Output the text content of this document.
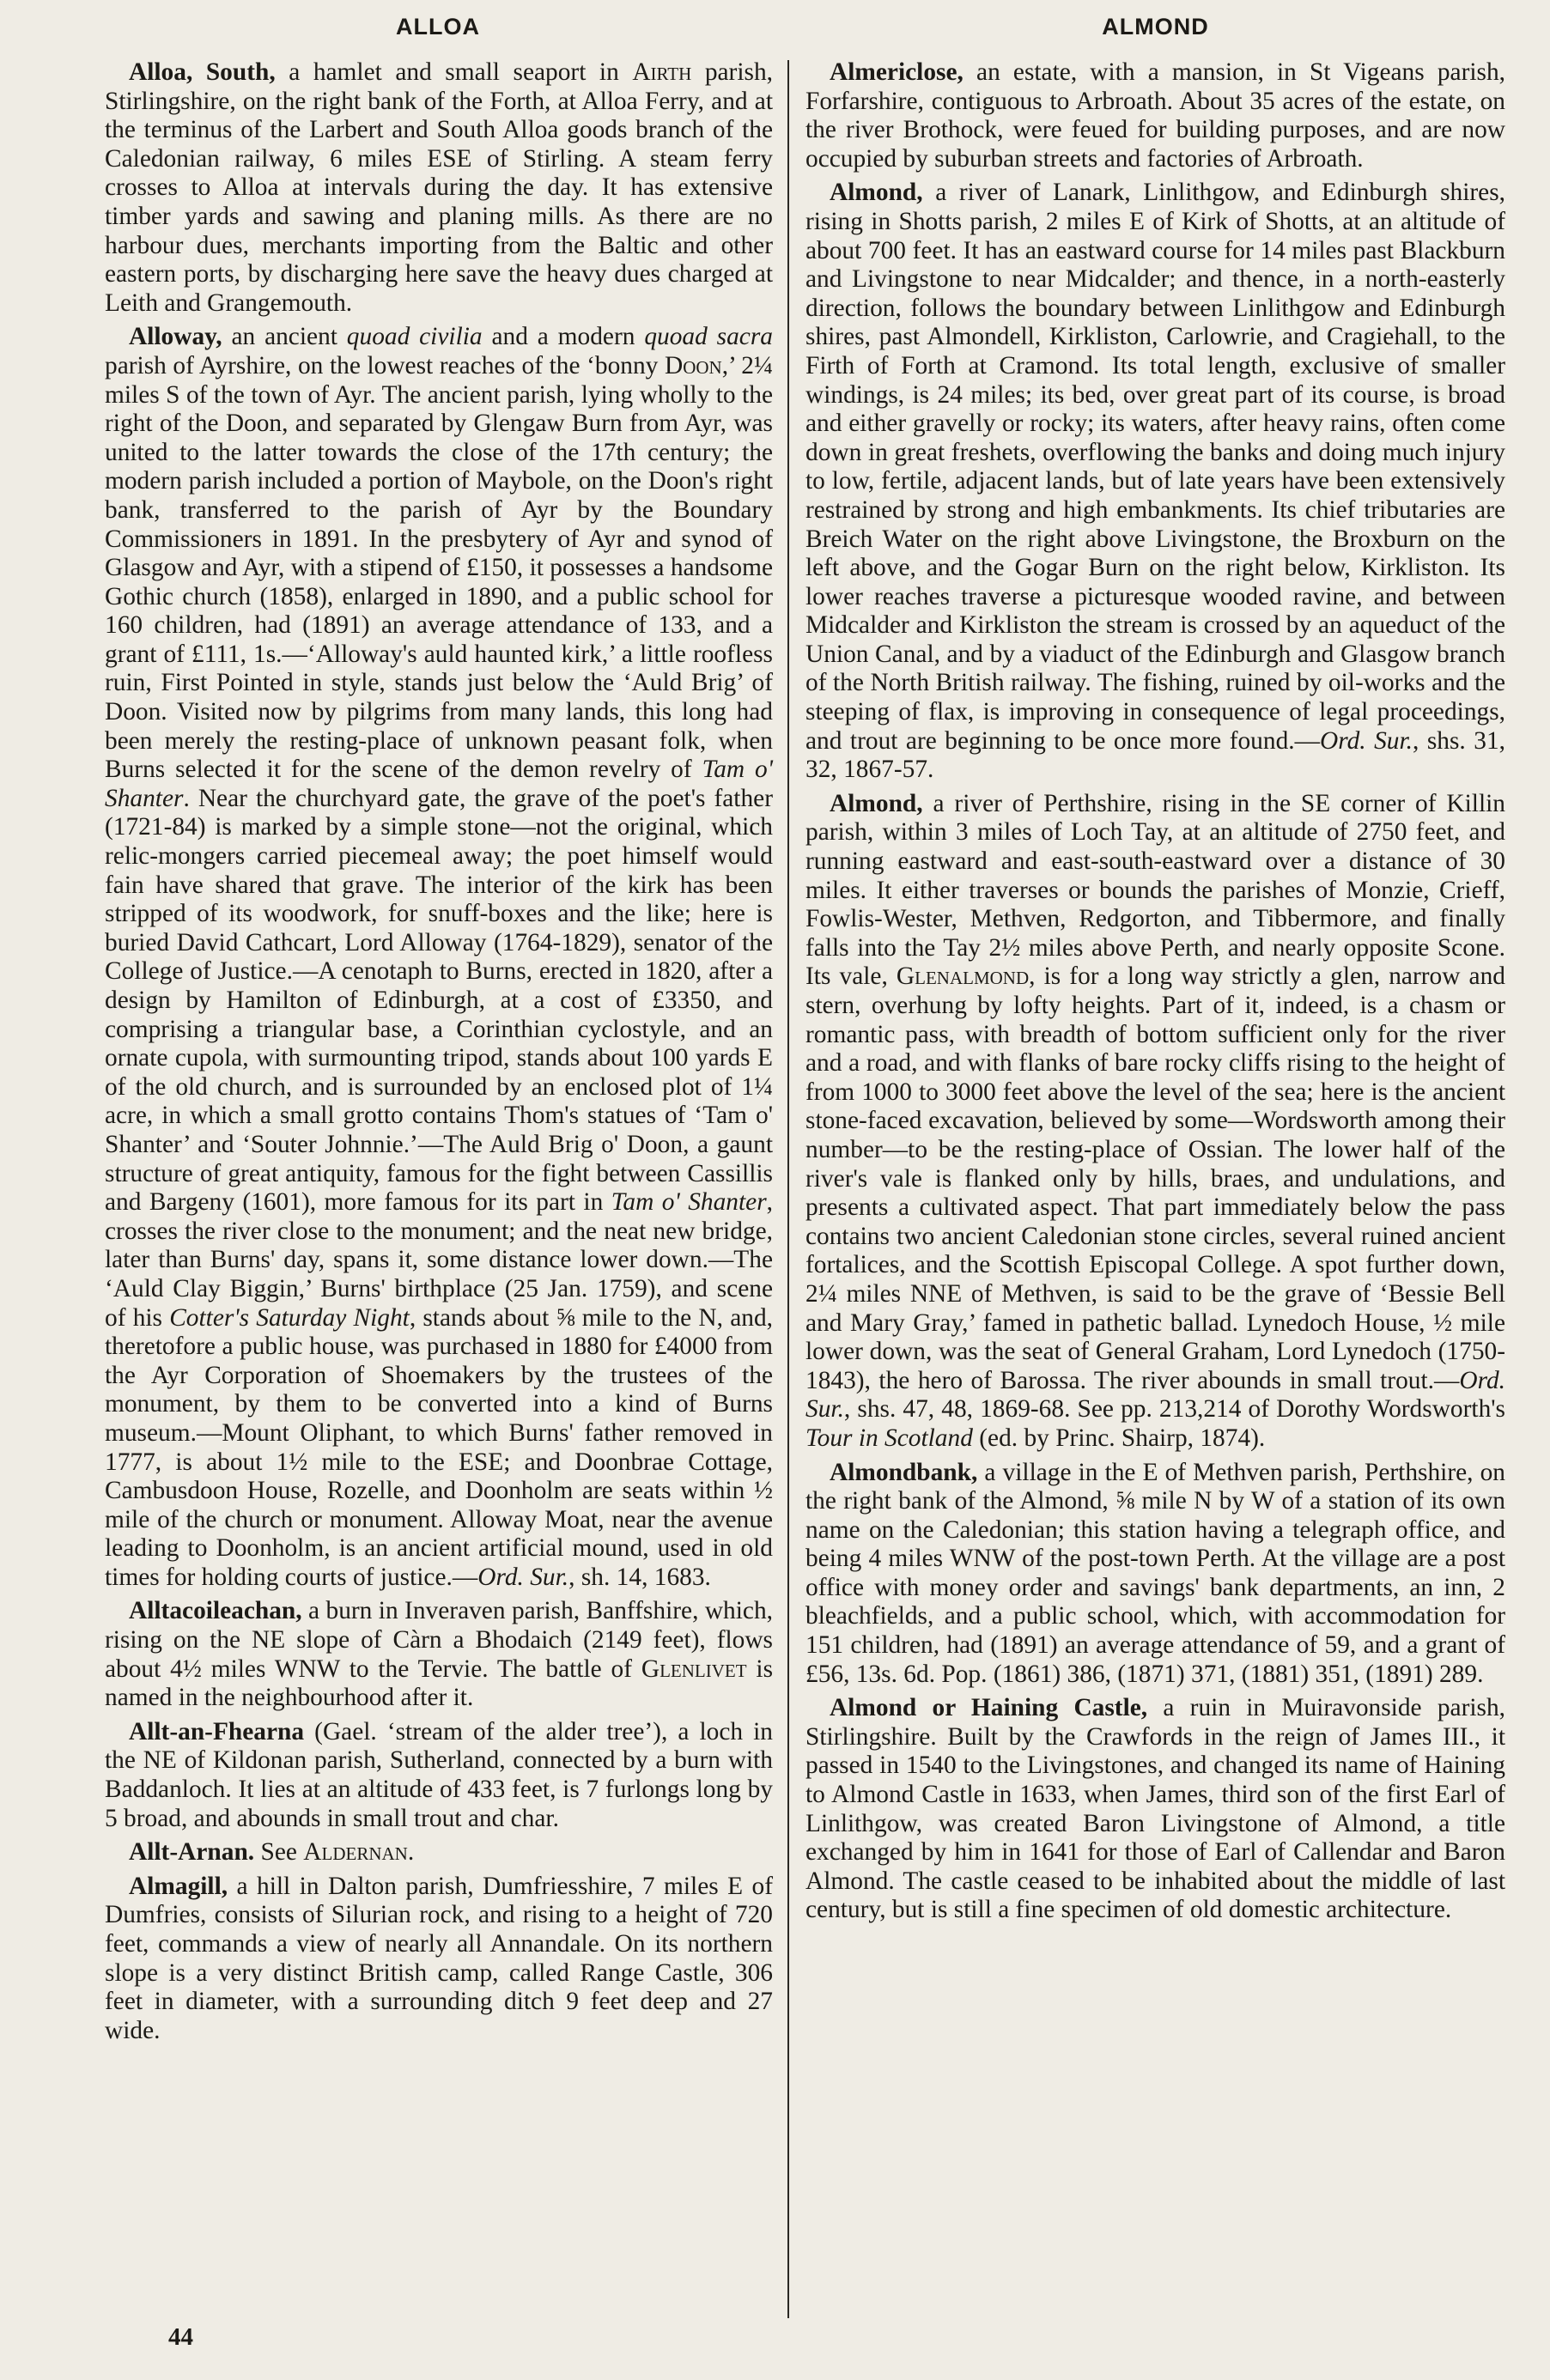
ALLOA	ALMOND

Alloa, South, a hamlet and small seaport in Airth parish, Stirlingshire, on the right bank of the Forth, at Alloa Ferry, and at the terminus of the Larbert and South Alloa goods branch of the Caledonian railway, 6 miles ESE of Stirling. A steam ferry crosses to Alloa at intervals during the day. It has extensive timber yards and sawing and planing mills. As there are no harbour dues, merchants importing from the Baltic and other eastern ports, by discharging here save the heavy dues charged at Leith and Grangemouth.

Alloway, an ancient quoad civilia and a modern quoad sacra parish of Ayrshire, on the lowest reaches of the ‘bonny Doon,’ 2¼ miles S of the town of Ayr. The ancient parish, lying wholly to the right of the Doon, and separated by Glengaw Burn from Ayr, was united to the latter towards the close of the 17th century; the modern parish included a portion of Maybole, on the Doon's right bank, transferred to the parish of Ayr by the Boundary Commissioners in 1891. In the presbytery of Ayr and synod of Glasgow and Ayr, with a stipend of £150, it possesses a handsome Gothic church (1858), enlarged in 1890, and a public school for 160 children, had (1891) an average attendance of 133, and a grant of £111, 1s.—‘Alloway's auld haunted kirk,’ a little roofless ruin, First Pointed in style, stands just below the ‘Auld Brig’ of Doon. Visited now by pilgrims from many lands, this long had been merely the resting-place of unknown peasant folk, when Burns selected it for the scene of the demon revelry of Tam o' Shanter. Near the churchyard gate, the grave of the poet's father (1721-84) is marked by a simple stone—not the original, which relic-mongers carried piecemeal away; the poet himself would fain have shared that grave. The interior of the kirk has been stripped of its woodwork, for snuff-boxes and the like; here is buried David Cathcart, Lord Alloway (1764-1829), senator of the College of Justice.—A cenotaph to Burns, erected in 1820, after a design by Hamilton of Edinburgh, at a cost of £3350, and comprising a triangular base, a Corinthian cyclostyle, and an ornate cupola, with surmounting tripod, stands about 100 yards E of the old church, and is surrounded by an enclosed plot of 1¼ acre, in which a small grotto contains Thom's statues of ‘Tam o' Shanter’ and ‘Souter Johnnie.’—The Auld Brig o' Doon, a gaunt structure of great antiquity, famous for the fight between Cassillis and Bargeny (1601), more famous for its part in Tam o' Shanter, crosses the river close to the monument; and the neat new bridge, later than Burns' day, spans it, some distance lower down.—The ‘Auld Clay Biggin,’ Burns' birthplace (25 Jan. 1759), and scene of his Cotter's Saturday Night, stands about ⅝ mile to the N, and, theretofore a public house, was purchased in 1880 for £4000 from the Ayr Corporation of Shoemakers by the trustees of the monument, by them to be converted into a kind of Burns museum.—Mount Oliphant, to which Burns' father removed in 1777, is about 1½ mile to the ESE; and Doonbrae Cottage, Cambusdoon House, Rozelle, and Doonholm are seats within ½ mile of the church or monument. Alloway Moat, near the avenue leading to Doonholm, is an ancient artificial mound, used in old times for holding courts of justice.—Ord. Sur., sh. 14, 1683.

Alltacoileachan, a burn in Inveraven parish, Banffshire, which, rising on the NE slope of Càrn a Bhodaich (2149 feet), flows about 4½ miles WNW to the Tervie. The battle of Glenlivet is named in the neighbourhood after it.

Allt-an-Fhearna (Gael. ‘stream of the alder tree’), a loch in the NE of Kildonan parish, Sutherland, connected by a burn with Baddanloch. It lies at an altitude of 433 feet, is 7 furlongs long by 5 broad, and abounds in small trout and char.

Allt-Arnan. See Aldernan.

Almagill, a hill in Dalton parish, Dumfriesshire, 7 miles E of Dumfries, consists of Silurian rock, and rising to a height of 720 feet, commands a view of nearly all Annandale. On its northern slope is a very distinct British camp, called Range Castle, 306 feet in diameter, with a surrounding ditch 9 feet deep and 27 wide.

Almericlose, an estate, with a mansion, in St Vigeans parish, Forfarshire, contiguous to Arbroath. About 35 acres of the estate, on the river Brothock, were feued for building purposes, and are now occupied by suburban streets and factories of Arbroath.

Almond, a river of Lanark, Linlithgow, and Edinburgh shires, rising in Shotts parish, 2 miles E of Kirk of Shotts, at an altitude of about 700 feet. It has an eastward course for 14 miles past Blackburn and Livingstone to near Midcalder; and thence, in a north-easterly direction, follows the boundary between Linlithgow and Edinburgh shires, past Almondell, Kirkliston, Carlowrie, and Cragiehall, to the Firth of Forth at Cramond. Its total length, exclusive of smaller windings, is 24 miles; its bed, over great part of its course, is broad and either gravelly or rocky; its waters, after heavy rains, often come down in great freshets, overflowing the banks and doing much injury to low, fertile, adjacent lands, but of late years have been extensively restrained by strong and high embankments. Its chief tributaries are Breich Water on the right above Livingstone, the Broxburn on the left above, and the Gogar Burn on the right below, Kirkliston. Its lower reaches traverse a picturesque wooded ravine, and between Midcalder and Kirkliston the stream is crossed by an aqueduct of the Union Canal, and by a viaduct of the Edinburgh and Glasgow branch of the North British railway. The fishing, ruined by oil-works and the steeping of flax, is improving in consequence of legal proceedings, and trout are beginning to be once more found.—Ord. Sur., shs. 31, 32, 1867-57.

Almond, a river of Perthshire, rising in the SE corner of Killin parish, within 3 miles of Loch Tay, at an altitude of 2750 feet, and running eastward and east-south-eastward over a distance of 30 miles. It either traverses or bounds the parishes of Monzie, Crieff, Fowlis-Wester, Methven, Redgorton, and Tibbermore, and finally falls into the Tay 2½ miles above Perth, and nearly opposite Scone. Its vale, Glenalmond, is for a long way strictly a glen, narrow and stern, overhung by lofty heights. Part of it, indeed, is a chasm or romantic pass, with breadth of bottom sufficient only for the river and a road, and with flanks of bare rocky cliffs rising to the height of from 1000 to 3000 feet above the level of the sea; here is the ancient stone-faced excavation, believed by some—Wordsworth among their number—to be the resting-place of Ossian. The lower half of the river's vale is flanked only by hills, braes, and undulations, and presents a cultivated aspect. That part immediately below the pass contains two ancient Caledonian stone circles, several ruined ancient fortalices, and the Scottish Episcopal College. A spot further down, 2¼ miles NNE of Methven, is said to be the grave of ‘Bessie Bell and Mary Gray,’ famed in pathetic ballad. Lynedoch House, ½ mile lower down, was the seat of General Graham, Lord Lynedoch (1750-1843), the hero of Barossa. The river abounds in small trout.—Ord. Sur., shs. 47, 48, 1869-68. See pp. 213,214 of Dorothy Wordsworth's Tour in Scotland (ed. by Princ. Shairp, 1874).

Almondbank, a village in the E of Methven parish, Perthshire, on the right bank of the Almond, ⅝ mile N by W of a station of its own name on the Caledonian; this station having a telegraph office, and being 4 miles WNW of the post-town Perth. At the village are a post office with money order and savings' bank departments, an inn, 2 bleachfields, and a public school, which, with accommodation for 151 children, had (1891) an average attendance of 59, and a grant of £56, 13s. 6d. Pop. (1861) 386, (1871) 371, (1881) 351, (1891) 289.

Almond or Haining Castle, a ruin in Muiravonside parish, Stirlingshire. Built by the Crawfords in the reign of James III., it passed in 1540 to the Livingstones, and changed its name of Haining to Almond Castle in 1633, when James, third son of the first Earl of Linlithgow, was created Baron Livingstone of Almond, a title exchanged by him in 1641 for those of Earl of Callendar and Baron Almond. The castle ceased to be inhabited about the middle of last century, but is still a fine specimen of old domestic architecture.

44
